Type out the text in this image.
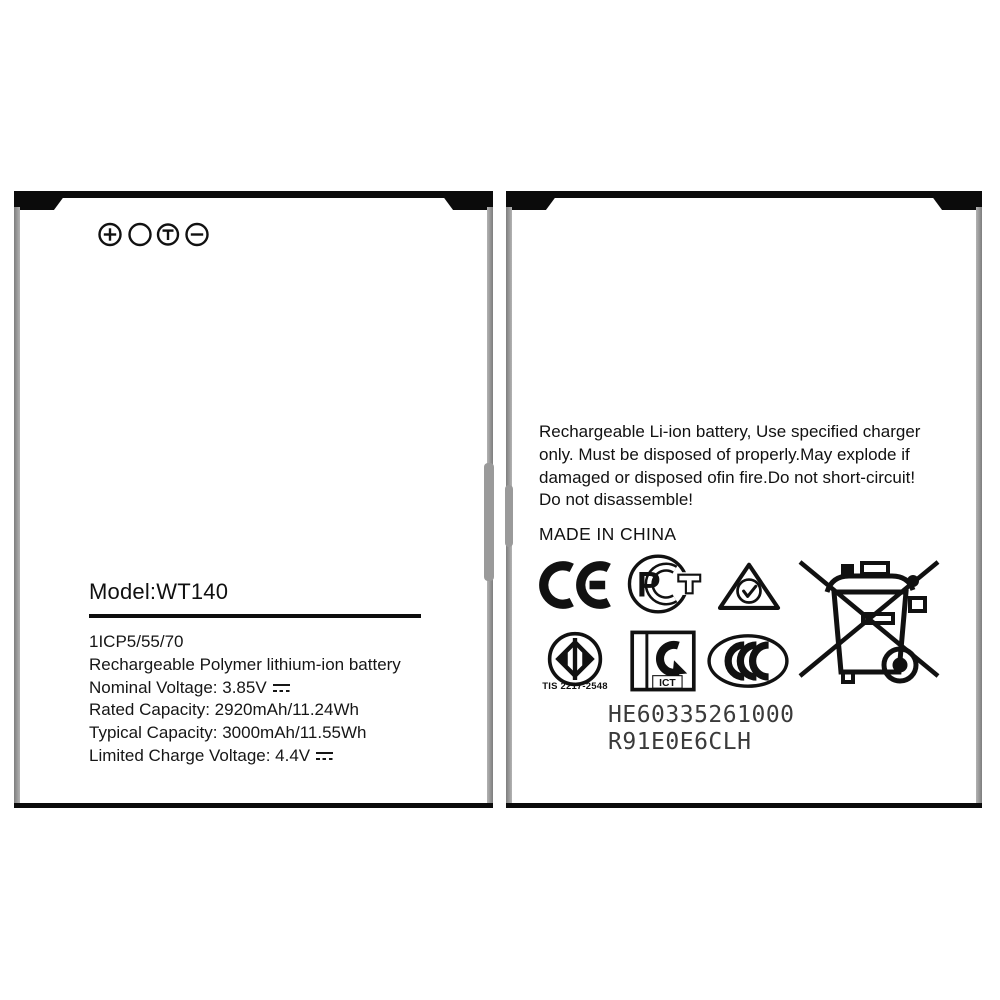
Model:WT140
1ICP5/55/70
Rechargeable Polymer lithium-ion battery
Nominal Voltage: 3.85V
Rated Capacity: 2920mAh/11.24Wh
Typical Capacity: 3000mAh/11.55Wh
Limited Charge Voltage: 4.4V
Rechargeable Li-ion battery, Use specified charger
only. Must be disposed of properly.May explode if
damaged or disposed ofin fire.Do not short-circuit!
Do not disassemble!
MADE IN CHINA
P
TIS 2217-2548	ICT
HE60335261000
R91E0E6CLH
